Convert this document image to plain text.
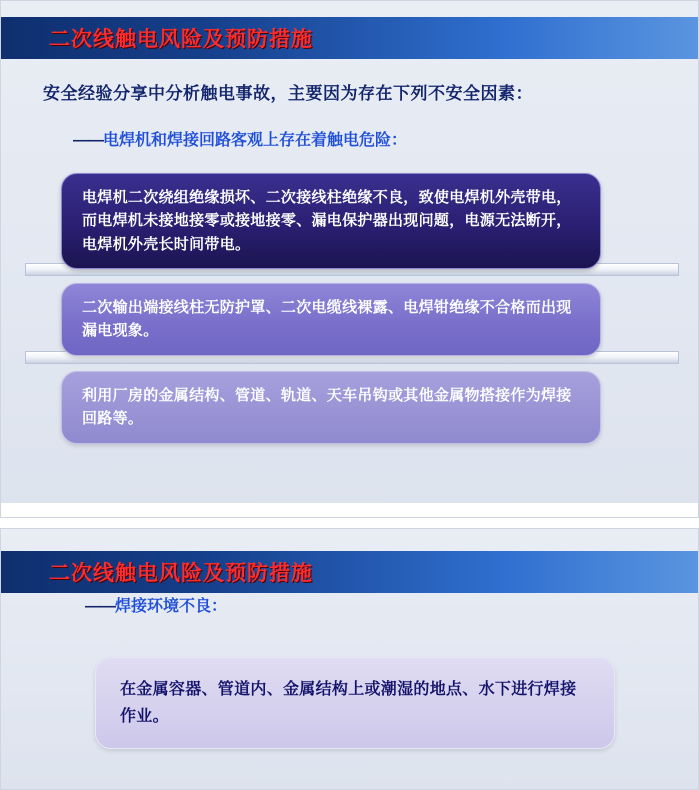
二次线触电风险及预防措施
安全经验分享中分析触电事故，主要因为存在下列不安全因素：
——电焊机和焊接回路客观上存在着触电危险：
电焊机二次绕组绝缘损坏、二次接线柱绝缘不良，致使电焊机外壳带电，而电焊机未接地接零或接地接零、漏电保护器出现问题，电源无法断开，电焊机外壳长时间带电。
二次输出端接线柱无防护罩、二次电缆线裸露、电焊钳绝缘不合格而出现漏电现象。
利用厂房的金属结构、管道、轨道、天车吊钩或其他金属物搭接作为焊接回路等。
二次线触电风险及预防措施
——焊接环境不良：
在金属容器、管道内、金属结构上或潮湿的地点、水下进行焊接作业。
